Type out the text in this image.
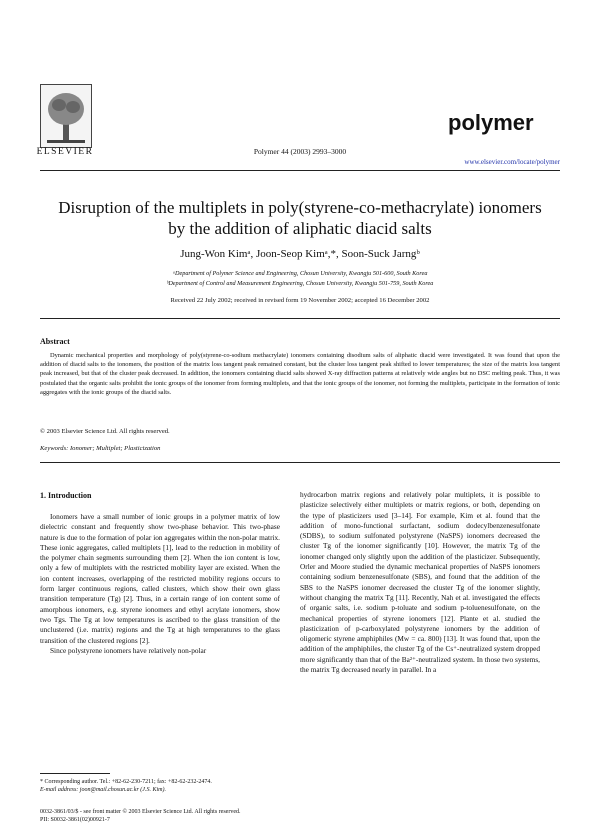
ELSEVIER
polymer
Polymer 44 (2003) 2993–3000
www.elsevier.com/locate/polymer
Disruption of the multiplets in poly(styrene-co-methacrylate) ionomers
by the addition of aliphatic diacid salts
Jung-Won Kimᵃ, Joon-Seop Kimᵃ,*, Soon-Suck Jarngᵇ
ᵃDepartment of Polymer Science and Engineering, Chosun University, Kwangju 501-600, South Korea
ᵇDepartment of Control and Measurement Engineering, Chosun University, Kwangju 501-759, South Korea
Received 22 July 2002; received in revised form 19 November 2002; accepted 16 December 2002
Abstract
Dynamic mechanical properties and morphology of poly(styrene-co-sodium methacrylate) ionomers containing disodium salts of aliphatic diacid were investigated. It was found that upon the addition of diacid salts to the ionomers, the position of the matrix loss tangent peak remained constant, but the cluster loss tangent peak shifted to lower temperatures; the size of the matrix loss tangent peak increased, but that of the cluster peak decreased. In addition, the ionomers containing diacid salts showed X-ray diffraction patterns at relatively wide angles but no DSC melting peak. Thus, it was postulated that the organic salts prohibit the ionic groups of the ionomer from forming multiplets, and that the ionic groups of the ionomer, not forming the multiplets, participate in the formation of ionic aggregates with the ionic groups of the diacid salts.
© 2003 Elsevier Science Ltd. All rights reserved.
Keywords: Ionomer; Multiplet; Plasticization
1. Introduction

Ionomers have a small number of ionic groups in a polymer matrix of low dielectric constant and frequently show two-phase behavior. This two-phase nature is due to the formation of polar ion aggregates within the non-polar matrix. These ionic aggregates, called multiplets [1], lead to the reduction in mobility of the polymer chain segments surrounding them [2]. When the ion content is low, only a few of multiplets with the restricted mobility layer are existed. When the ion content increases, overlapping of the restricted mobility regions occurs to form larger continuous regions, called clusters, which show their own glass transition temperature (Tg) [2]. Thus, in a certain range of ion content some of amorphous ionomers, e.g. styrene ionomers and ethyl acrylate ionomers, show two Tgs. The Tg at low temperatures is ascribed to the glass transition of the unclustered (i.e. matrix) regions and the Tg at high temperatures to the glass transition of the clustered regions [2].

Since polystyrene ionomers have relatively non-polar

hydrocarbon matrix regions and relatively polar multiplets, it is possible to plasticize selectively either multiplets or matrix regions, or both, depending on the type of plasticizers used [3–14]. For example, Kim et al. found that the addition of mono-functional surfactant, sodium dodecylbenzenesulfonate (SDBS), to sodium sulfonated polystyrene (NaSPS) ionomers decreased the cluster Tg of the ionomer significantly [10]. However, the matrix Tg of the ionomer changed only slightly upon the addition of the plasticizer. Subsequently, Orler and Moore studied the dynamic mechanical properties of NaSPS ionomers containing sodium benzenesulfonate (SBS), and found that the addition of the SBS to the NaSPS ionomer decreased the cluster Tg of the ionomer slightly, without changing the matrix Tg [11]. Recently, Nah et al. investigated the effects of organic salts, i.e. sodium p-toluate and sodium p-toluenesulfonate, on the mechanical properties of styrene ionomers [12]. Plante et al. studied the plasticization of p-carboxylated polystyrene ionomers by the addition of oligomeric styrene amphiphiles (Mw = ca. 800) [13]. It was found that, upon the addition of the amphiphiles, the cluster Tg of the Cs⁺-neutralized system dropped more significantly than that of the Ba²⁺-neutralized system. In those two systems, the matrix Tg decreased nearly in parallel. In a

* Corresponding author. Tel.: +82-62-230-7211; fax: +82-62-232-2474.
E-mail address: joon@mail.chosun.ac.kr (J.S. Kim).
0032-3861/03/$ - see front matter © 2003 Elsevier Science Ltd. All rights reserved.
PII: S0032-3861(02)00921-7
